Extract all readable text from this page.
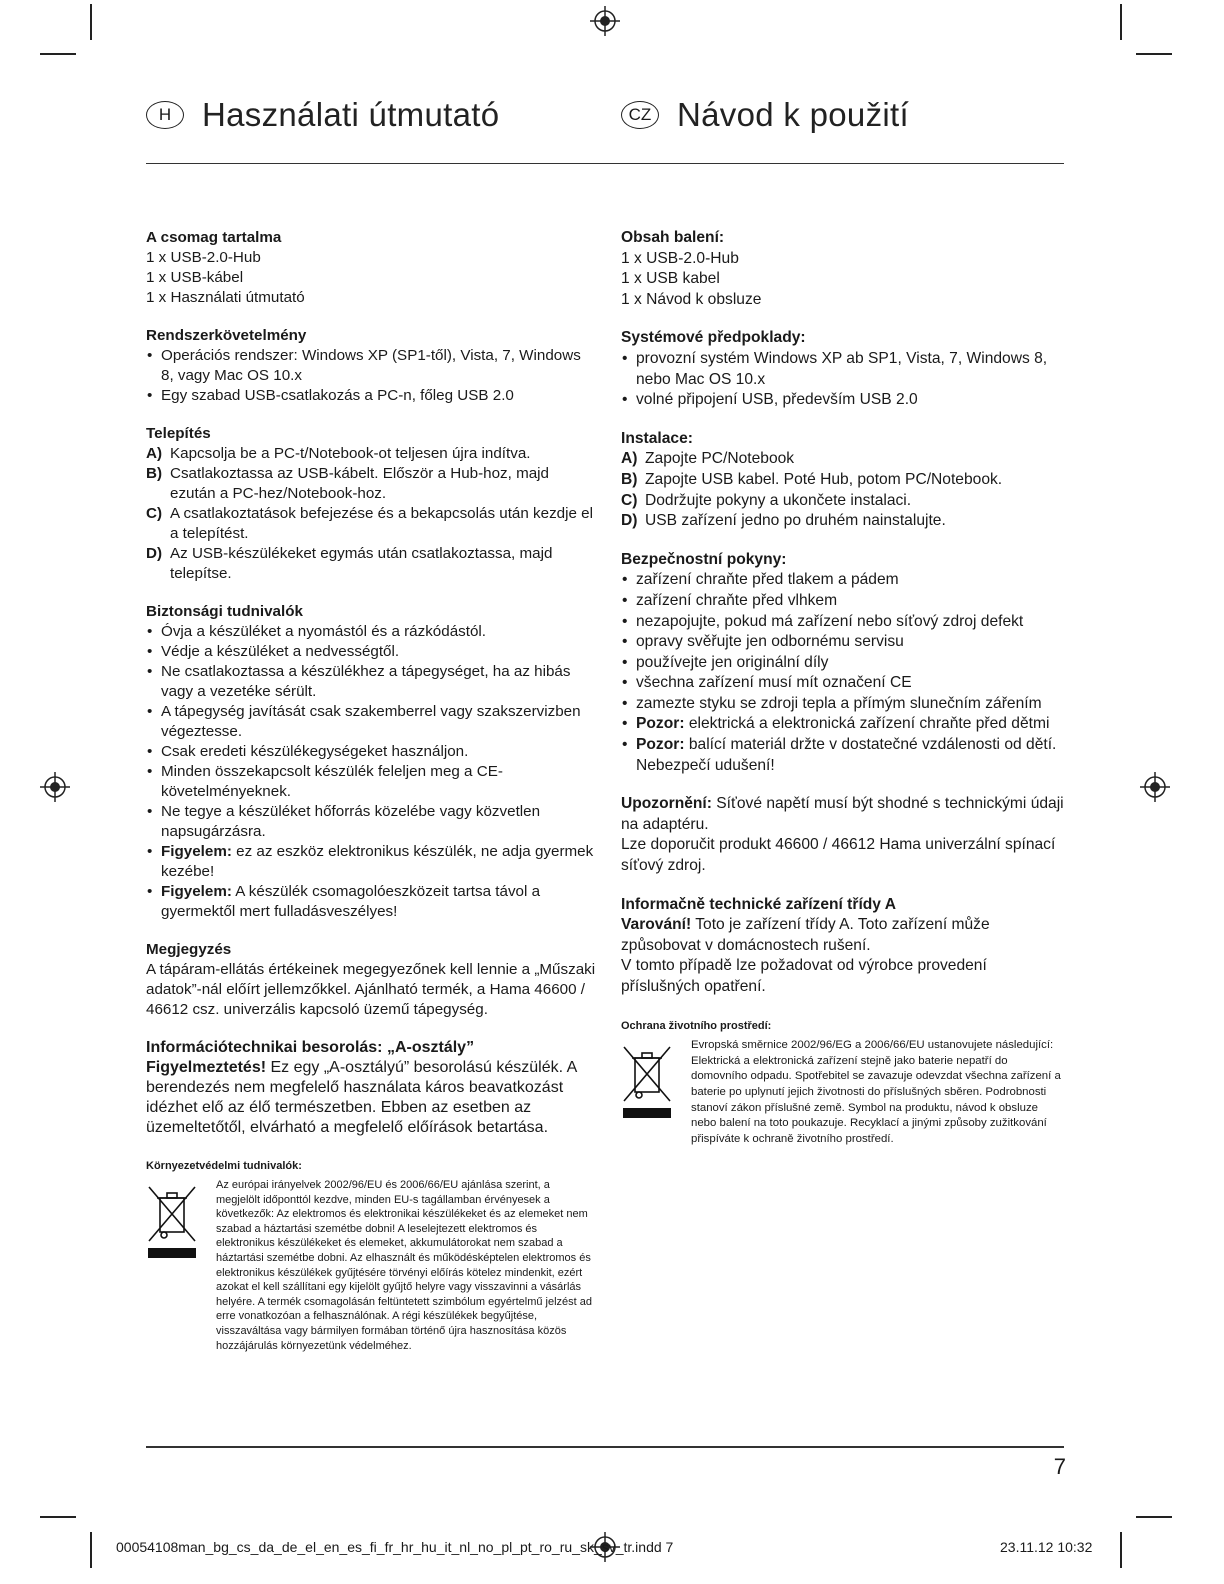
H Használati útmutató	CZ Návod k použití
A csomag tartalma
1 x USB-2.0-Hub
1 x USB-kábel
1 x Használati útmutató
Rendszerkövetelmény
• Operációs rendszer: Windows XP (SP1-től), Vista, 7, Windows 8, vagy Mac OS 10.x
• Egy szabad USB-csatlakozás a PC-n, főleg USB 2.0
Telepítés
A) Kapcsolja be a PC-t/Notebook-ot teljesen újra indítva.
B) Csatlakoztassa az USB-kábelt. Először a Hub-hoz, majd ezután a PC-hez/Notebook-hoz.
C) A csatlakoztatások befejezése és a bekapcsolás után kezdje el a telepítést.
D) Az USB-készülékeket egymás után csatlakoztassa, majd telepítse.
Biztonsági tudnivalók
• Óvja a készüléket a nyomástól és a rázkódástól.
• Védje a készüléket a nedvességtől.
• Ne csatlakoztassa a készülékhez a tápegységet, ha az hibás vagy a vezetéke sérült.
• A tápegység javítását csak szakemberrel vagy szakszervizben végeztesse.
• Csak eredeti készülékegységeket használjon.
• Minden összekapcsolt készülék feleljen meg a CE-követelményeknek.
• Ne tegye a készüléket hőforrás közelébe vagy közvetlen napsugárzásra.
• Figyelem: ez az eszköz elektronikus készülék, ne adja gyermek kezébe!
• Figyelem: A készülék csomagolóeszközeit tartsa távol a gyermektől mert fulladásveszélyes!
Megjegyzés
A tápáram-ellátás értékeinek megegyezőnek kell lennie a „Műszaki adatok”-nál előírt jellemzőkkel. Ajánlható termék, a Hama 46600 / 46612 csz. univerzális kapcsoló üzemű tápegység.
Információtechnikai besorolás: „A-osztály”
Figyelmeztetés! Ez egy „A-osztályú” besorolású készülék. A berendezés nem megfelelő használata káros beavatkozást idézhet elő az élő természetben. Ebben az esetben az üzemeltetőtől, elvárható a megfelelő előírások betartása.
Környezetvédelmi tudnivalók:
Az európai irányelvek 2002/96/EU és 2006/66/EU ajánlása szerint, a megjelölt időponttól kezdve, minden EU-s tagállamban érvényesek a következők: Az elektromos és elektronikai készülékeket és az elemeket nem szabad a háztartási szemétbe dobni! A leselejtezett elektromos és elektronikus készülékeket és elemeket, akkumulátorokat nem szabad a háztartási szemétbe dobni. Az elhasznált és működésképtelen elektromos és elektronikus készülékek gyűjtésére törvényi előírás kötelez mindenkit, ezért azokat el kell szállítani egy kijelölt gyűjtő helyre vagy visszavinni a vásárlás helyére. A termék csomagolásán feltüntetett szimbólum egyértelmű jelzést ad erre vonatkozóan a felhasználónak. A régi készülékek begyűjtése, visszaváltása vagy bármilyen formában történő újra hasznosítása közös hozzájárulás környezetünk védelméhez.
Obsah balení:
1 x USB-2.0-Hub
1 x USB kabel
1 x Návod k obsluze
Systémové předpoklady:
• provozní systém Windows XP ab SP1, Vista, 7, Windows 8, nebo Mac OS 10.x
• volné připojení USB, především USB 2.0
Instalace:
A) Zapojte PC/Notebook
B) Zapojte USB kabel. Poté Hub, potom PC/Notebook.
C) Dodržujte pokyny a ukončete instalaci.
D) USB zařízení jedno po druhém nainstalujte.
Bezpečnostní pokyny:
• zařízení chraňte před tlakem a pádem
• zařízení chraňte před vlhkem
• nezapojujte, pokud má zařízení nebo síťový zdroj defekt
• opravy svěřujte jen odbornému servisu
• používejte jen originální díly
• všechna zařízení musí mít označení CE
• zamezte styku se zdroji tepla a přímým slunečním zářením
• Pozor: elektrická a elektronická zařízení chraňte před dětmi
• Pozor: balící materiál držte v dostatečné vzdálenosti od dětí. Nebezpečí udušení!
Upozornění: Síťové napětí musí být shodné s technickými údaji na adaptéru.
Lze doporučit produkt 46600 / 46612 Hama univerzální spínací síťový zdroj.
Informačně technické zařízení třídy A
Varování! Toto je zařízení třídy A. Toto zařízení může způsobovat v domácnostech rušení.
V tomto případě lze požadovat od výrobce provedení příslušných opatření.
Ochrana životního prostředí:
Evropská směrnice 2002/96/EG a 2006/66/EU ustanovujete následující: Elektrická a elektronická zařízení stejně jako baterie nepatří do domovního odpadu. Spotřebitel se zavazuje odevzdat všechna zařízení a baterie po uplynutí jejich životnosti do příslušných sběren. Podrobnosti stanoví zákon příslušné země. Symbol na produktu, návod k obsluze nebo balení na toto poukazuje. Recyklací a jinými způsoby zužitkování přispíváte k ochraně životního prostředí.
7
00054108man_bg_cs_da_de_el_en_es_fi_fr_hr_hu_it_nl_no_pl_pt_ro_ru_sk_sv_tr.indd 7	23.11.12 10:32
